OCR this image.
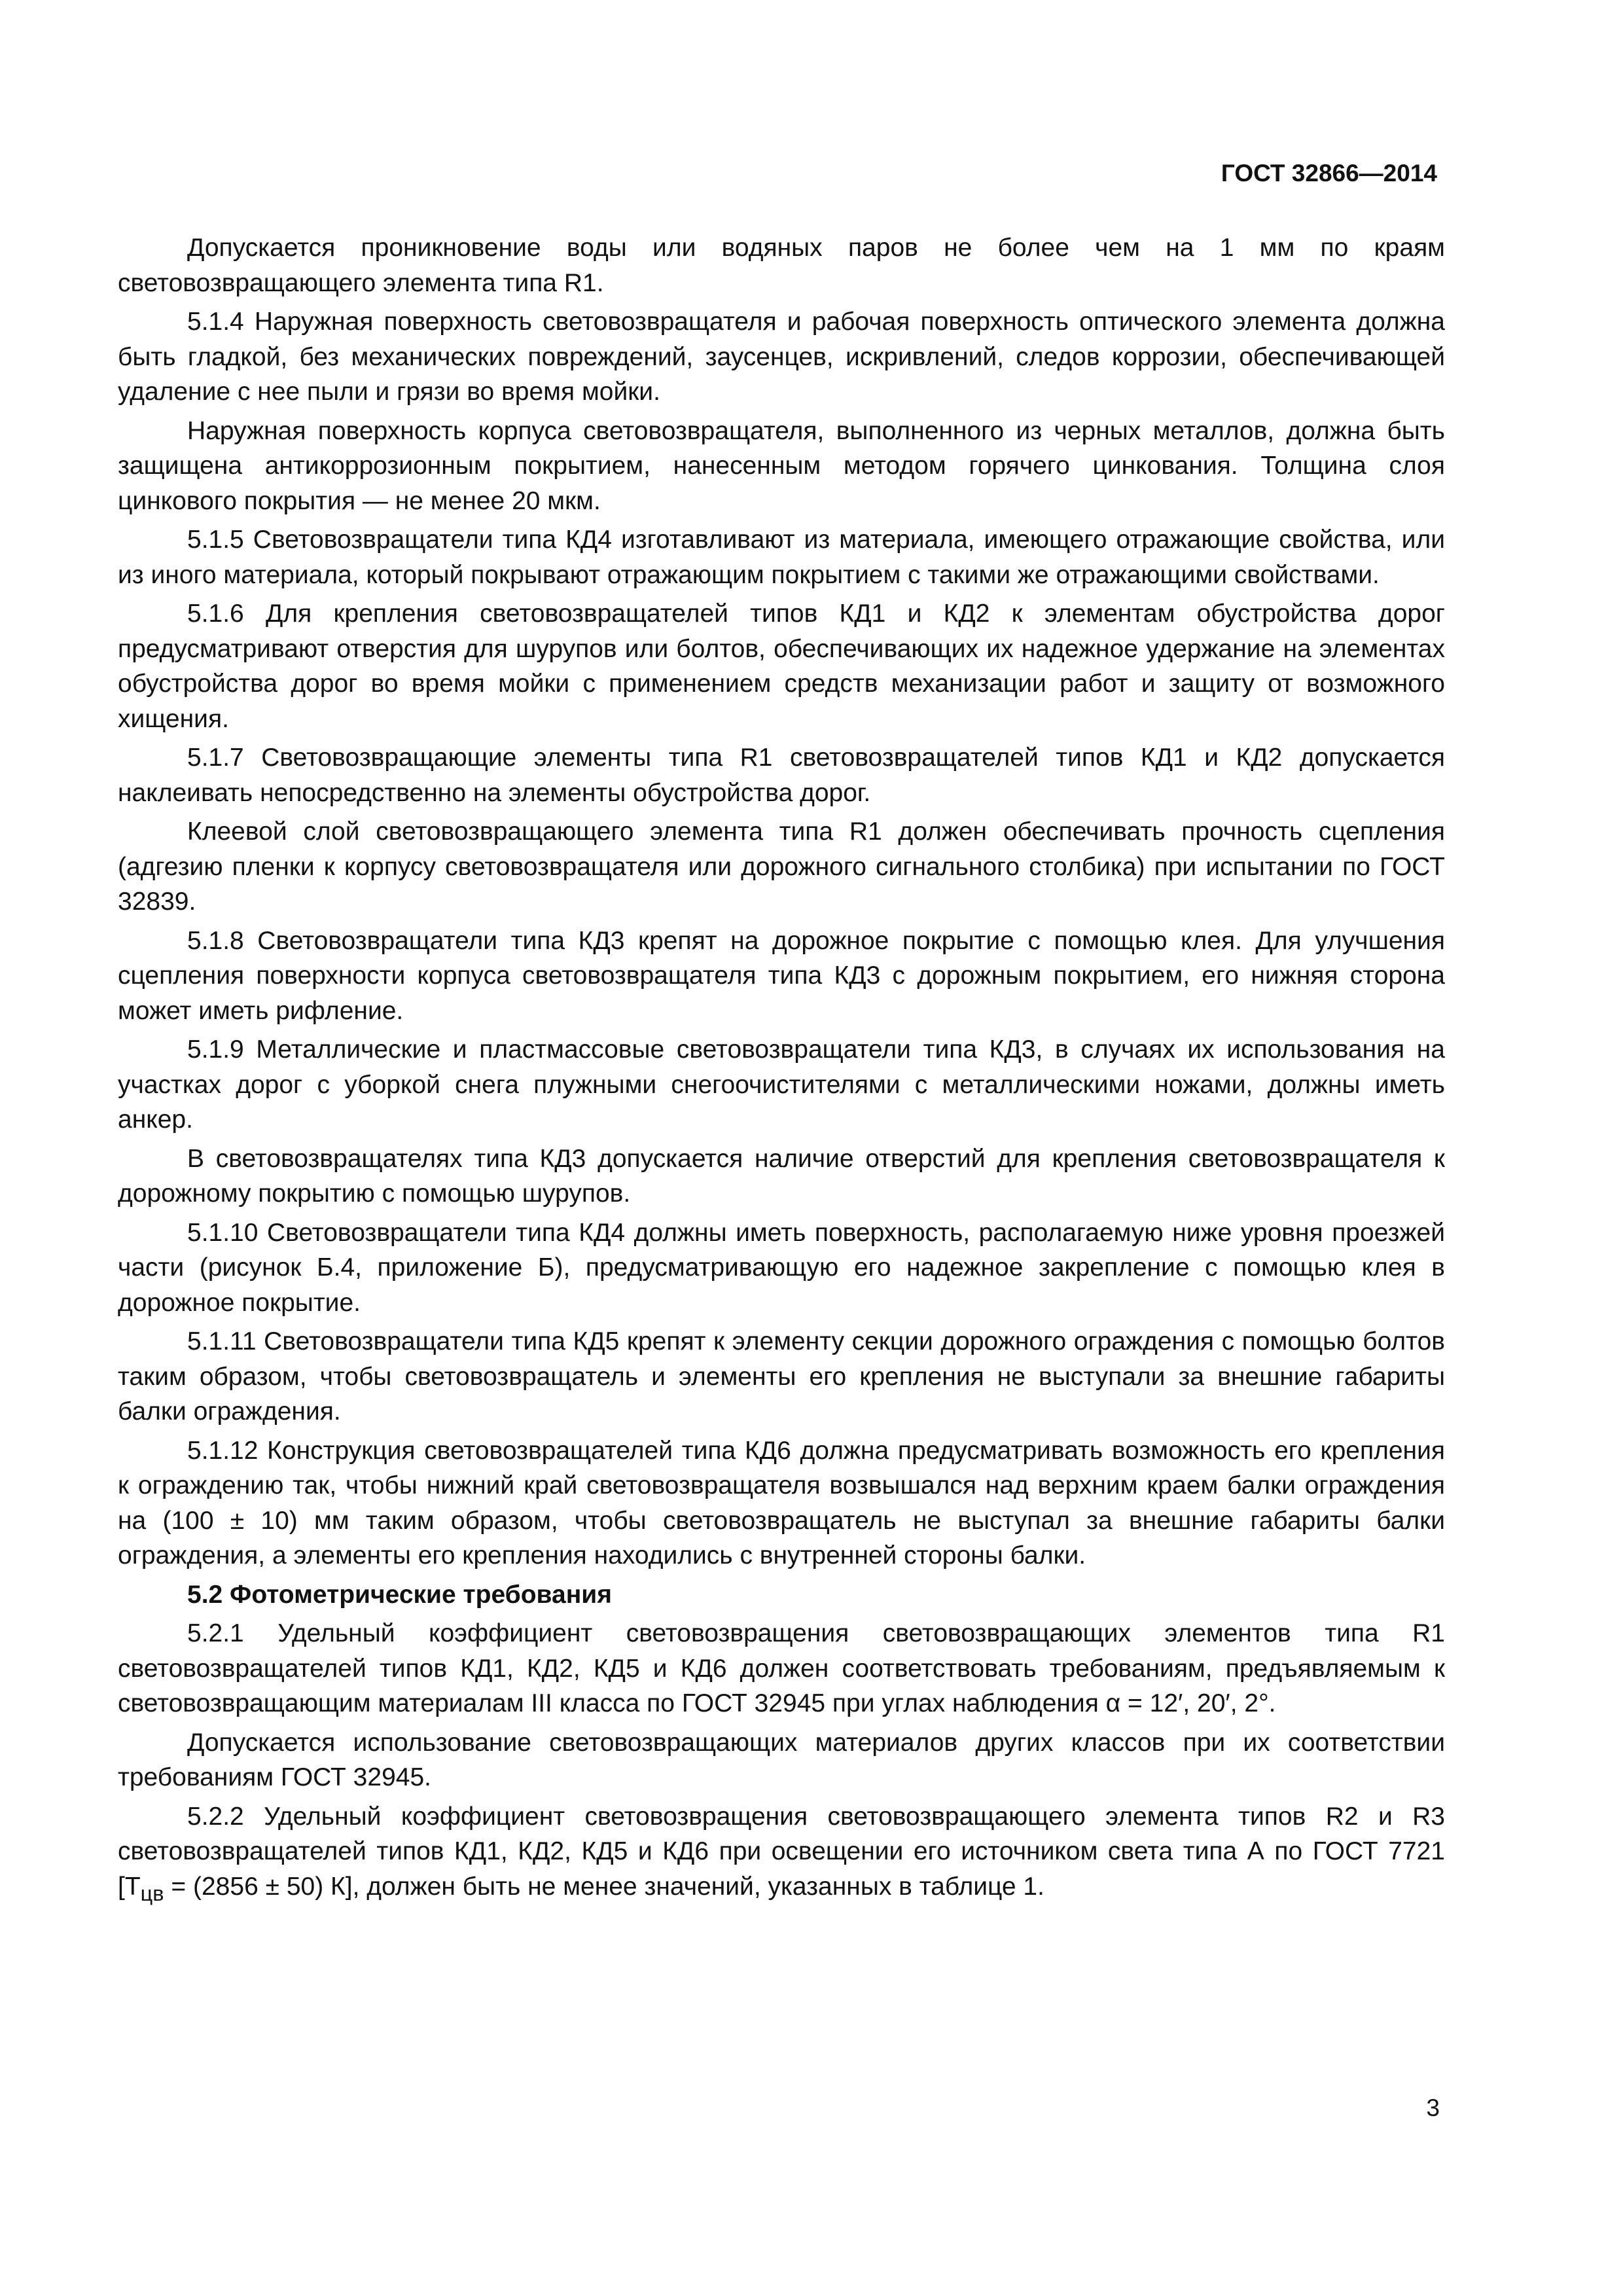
ГОСТ 32866—2014

Допускается проникновение воды или водяных паров не более чем на 1 мм по краям световозвращающего элемента типа R1.

5.1.4 Наружная поверхность световозвращателя и рабочая поверхность оптического элемента должна быть гладкой, без механических повреждений, заусенцев, искривлений, следов коррозии, обеспечивающей удаление с нее пыли и грязи во время мойки.

Наружная поверхность корпуса световозвращателя, выполненного из черных металлов, должна быть защищена антикоррозионным покрытием, нанесенным методом горячего цинкования. Толщина слоя цинкового покрытия — не менее 20 мкм.

5.1.5 Световозвращатели типа КД4 изготавливают из материала, имеющего отражающие свойства, или из иного материала, который покрывают отражающим покрытием с такими же отражающими свойствами.

5.1.6 Для крепления световозвращателей типов КД1 и КД2 к элементам обустройства дорог предусматривают отверстия для шурупов или болтов, обеспечивающих их надежное удержание на элементах обустройства дорог во время мойки с применением средств механизации работ и защиту от возможного хищения.

5.1.7 Световозвращающие элементы типа R1 световозвращателей типов КД1 и КД2 допускается наклеивать непосредственно на элементы обустройства дорог.

Клеевой слой световозвращающего элемента типа R1 должен обеспечивать прочность сцепления (адгезию пленки к корпусу световозвращателя или дорожного сигнального столбика) при испытании по ГОСТ 32839.

5.1.8 Световозвращатели типа КД3 крепят на дорожное покрытие с помощью клея. Для улучшения сцепления поверхности корпуса световозвращателя типа КД3 с дорожным покрытием, его нижняя сторона может иметь рифление.

5.1.9 Металлические и пластмассовые световозвращатели типа КД3, в случаях их использования на участках дорог с уборкой снега плужными снегоочистителями с металлическими ножами, должны иметь анкер.

В световозвращателях типа КД3 допускается наличие отверстий для крепления световозвращателя к дорожному покрытию с помощью шурупов.

5.1.10 Световозвращатели типа КД4 должны иметь поверхность, располагаемую ниже уровня проезжей части (рисунок Б.4, приложение Б), предусматривающую его надежное закрепление с помощью клея в дорожное покрытие.

5.1.11 Световозвращатели типа КД5 крепят к элементу секции дорожного ограждения с помощью болтов таким образом, чтобы световозвращатель и элементы его крепления не выступали за внешние габариты балки ограждения.

5.1.12 Конструкция световозвращателей типа КД6 должна предусматривать возможность его крепления к ограждению так, чтобы нижний край световозвращателя возвышался над верхним краем балки ограждения на (100 ± 10) мм таким образом, чтобы световозвращатель не выступал за внешние габариты балки ограждения, а элементы его крепления находились с внутренней стороны балки.

5.2 Фотометрические требования

5.2.1 Удельный коэффициент световозвращения световозвращающих элементов типа R1 световозвращателей типов КД1, КД2, КД5 и КД6 должен соответствовать требованиям, предъявляемым к световозвращающим материалам III класса по ГОСТ 32945 при углах наблюдения α = 12′, 20′, 2°.

Допускается использование световозвращающих материалов других классов при их соответствии требованиям ГОСТ 32945.

5.2.2 Удельный коэффициент световозвращения световозвращающего элемента типов R2 и R3 световозвращателей типов КД1, КД2, КД5 и КД6 при освещении его источником света типа А по ГОСТ 7721 [$Т_{цв} = (2856 \pm 50)$ К], должен быть не менее значений, указанных в таблице 1.

3
